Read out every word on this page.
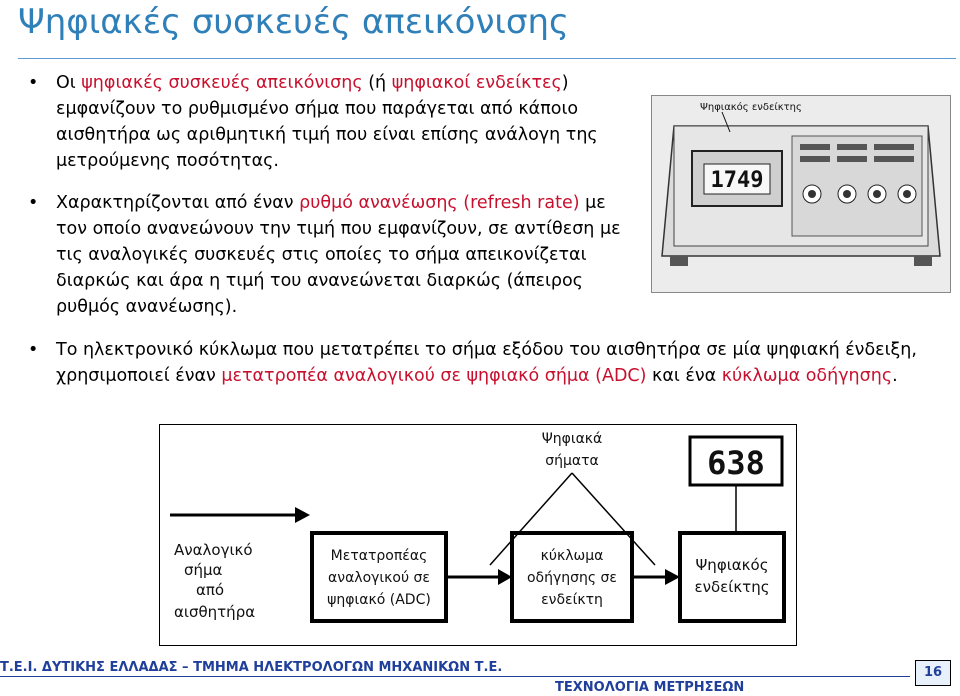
Ψηφιακές συσκευές απεικόνισης
• Οι ψηφιακές συσκευές απεικόνισης (ή ψηφιακοί ενδείκτες) εμφανίζουν το ρυθμισμένο σήμα που παράγεται από κάποιο αισθητήρα ως αριθμητική τιμή που είναι επίσης ανάλογη της μετρούμενης ποσότητας.
• Χαρακτηρίζονται από έναν ρυθμό ανανέωσης (refresh rate) με τον οποίο ανανεώνουν την τιμή που εμφανίζουν, σε αντίθεση με τις αναλογικές συσκευές στις οποίες το σήμα απεικονίζεται διαρκώς και άρα η τιμή του ανανεώνεται διαρκώς (άπειρος ρυθμός ανανέωσης).
• Το ηλεκτρονικό κύκλωμα που μετατρέπει το σήμα εξόδου του αισθητήρα σε μία ψηφιακή ένδειξη, χρησιμοποιεί έναν μετατροπέα αναλογικού σε ψηφιακό σήμα (ADC) και ένα κύκλωμα οδήγησης.
Ψηφιακός ενδείκτης
1749
Αναλογικό
σήμα
από
αισθητήρα
Μετατροπέας
αναλογικού σε
ψηφιακό (ADC)
κύκλωμα
οδήγησης σε
ενδείκτη
Ψηφιακός
ενδείκτης
Ψηφιακά
σήματα	638
Τ.Ε.Ι. ΔΥΤΙΚΗΣ ΕΛΛΑΔΑΣ – ΤΜΗΜΑ ΗΛΕΚΤΡΟΛΟΓΩΝ ΜΗΧΑΝΙΚΩΝ Τ.Ε.
ΤΕΧΝΟΛΟΓΙΑ ΜΕΤΡΗΣΕΩΝ
16
